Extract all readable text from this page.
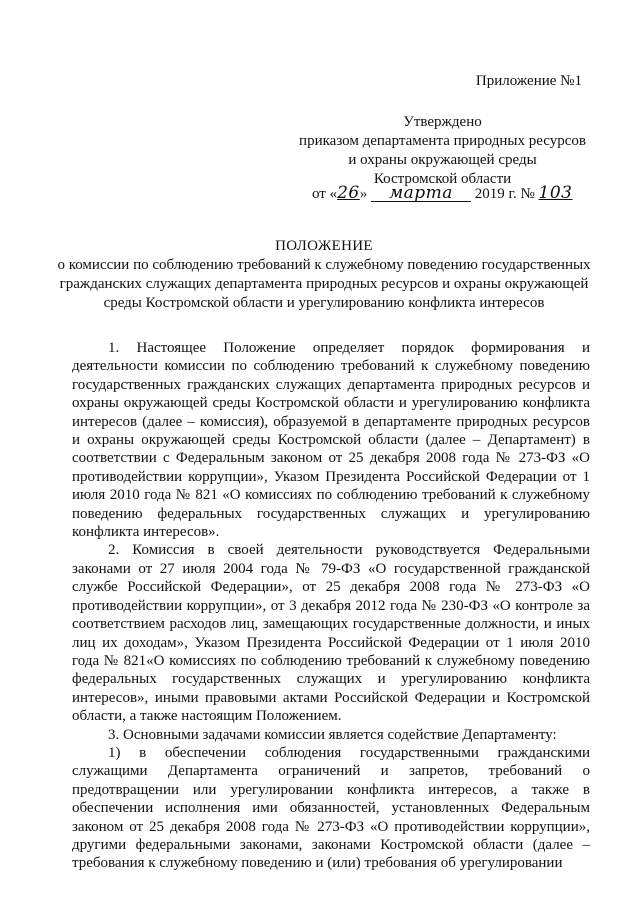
Приложение №1
Утверждено
приказом департамента природных ресурсов
и охраны окружающей среды
Костромской области
от «26» марта 2019 г. № 103
ПОЛОЖЕНИЕ
о комиссии по соблюдению требований к служебному поведению государственных гражданских служащих департамента природных ресурсов и охраны окружающей среды Костромской области и урегулированию конфликта интересов

1. Настоящее Положение определяет порядок формирования и деятельности комиссии по соблюдению требований к служебному поведению государственных гражданских служащих департамента природных ресурсов и охраны окружающей среды Костромской области и урегулированию конфликта интересов (далее – комиссия), образуемой в департаменте природных ресурсов и охраны окружающей среды Костромской области (далее – Департамент) в соответствии с Федеральным законом от 25 декабря 2008 года № 273-ФЗ «О противодействии коррупции», Указом Президента Российской Федерации от 1 июля 2010 года № 821 «О комиссиях по соблюдению требований к служебному поведению федеральных государственных служащих и урегулированию конфликта интересов».

2. Комиссия в своей деятельности руководствуется Федеральными законами от 27 июля 2004 года № 79-ФЗ «О государственной гражданской службе Российской Федерации», от 25 декабря 2008 года № 273-ФЗ «О противодействии коррупции», от 3 декабря 2012 года № 230-ФЗ «О контроле за соответствием расходов лиц, замещающих государственные должности, и иных лиц их доходам», Указом Президента Российской Федерации от 1 июля 2010 года № 821«О комиссиях по соблюдению требований к служебному поведению федеральных государственных служащих и урегулированию конфликта интересов», иными правовыми актами Российской Федерации и Костромской области, а также настоящим Положением.

3. Основными задачами комиссии является содействие Департаменту:

1) в обеспечении соблюдения государственными гражданскими служащими Департамента ограничений и запретов, требований о предотвращении или урегулировании конфликта интересов, а также в обеспечении исполнения ими обязанностей, установленных Федеральным законом от 25 декабря 2008 года № 273-ФЗ «О противодействии коррупции», другими федеральными законами, законами Костромской области (далее – требования к служебному поведению и (или) требования об урегулировании
